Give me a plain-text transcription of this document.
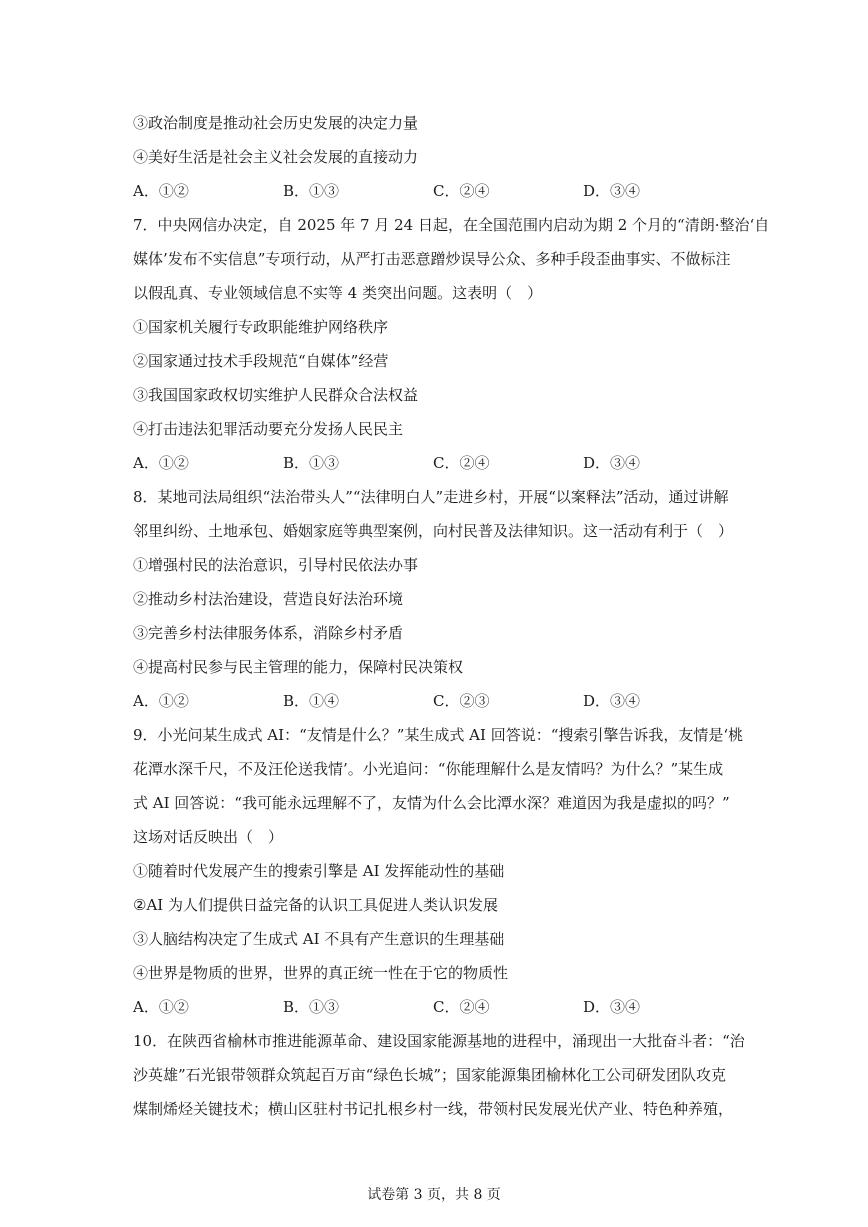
③政治制度是推动社会历史发展的决定力量
④美好生活是社会主义社会发展的直接动力
A．①②	B．①③	C．②④	D．③④
7．中央网信办决定，自 2025 年 7 月 24 日起，在全国范围内启动为期 2 个月的“清朗·整治‘自
媒体’发布不实信息”专项行动，从严打击恶意蹭炒误导公众、多种手段歪曲事实、不做标注
以假乱真、专业领域信息不实等 4 类突出问题。这表明（　）
①国家机关履行专政职能维护网络秩序
②国家通过技术手段规范“自媒体”经营
③我国国家政权切实维护人民群众合法权益
④打击违法犯罪活动要充分发扬人民民主
A．①②	B．①③	C．②④	D．③④
8．某地司法局组织“法治带头人”“法律明白人”走进乡村，开展“以案释法”活动，通过讲解
邻里纠纷、土地承包、婚姻家庭等典型案例，向村民普及法律知识。这一活动有利于（　）
①增强村民的法治意识，引导村民依法办事
②推动乡村法治建设，营造良好法治环境
③完善乡村法律服务体系，消除乡村矛盾
④提高村民参与民主管理的能力，保障村民决策权
A．①②	B．①④	C．②③	D．③④
9．小光问某生成式 AI：“友情是什么？”某生成式 AI 回答说：“搜索引擎告诉我，友情是‘桃
花潭水深千尺，不及汪伦送我情’。小光追问：“你能理解什么是友情吗？为什么？”某生成
式 AI 回答说：“我可能永远理解不了，友情为什么会比潭水深？难道因为我是虚拟的吗？”
这场对话反映出（　）
①随着时代发展产生的搜索引擎是 AI 发挥能动性的基础
②AI 为人们提供日益完备的认识工具促进人类认识发展
③人脑结构决定了生成式 AI 不具有产生意识的生理基础
④世界是物质的世界，世界的真正统一性在于它的物质性
A．①②	B．①③	C．②④	D．③④
10．在陕西省榆林市推进能源革命、建设国家能源基地的进程中，涌现出一大批奋斗者：“治
沙英雄”石光银带领群众筑起百万亩“绿色长城”；国家能源集团榆林化工公司研发团队攻克
煤制烯烃关键技术；横山区驻村书记扎根乡村一线，带领村民发展光伏产业、特色种养殖，
试卷第 3 页，共 8 页
